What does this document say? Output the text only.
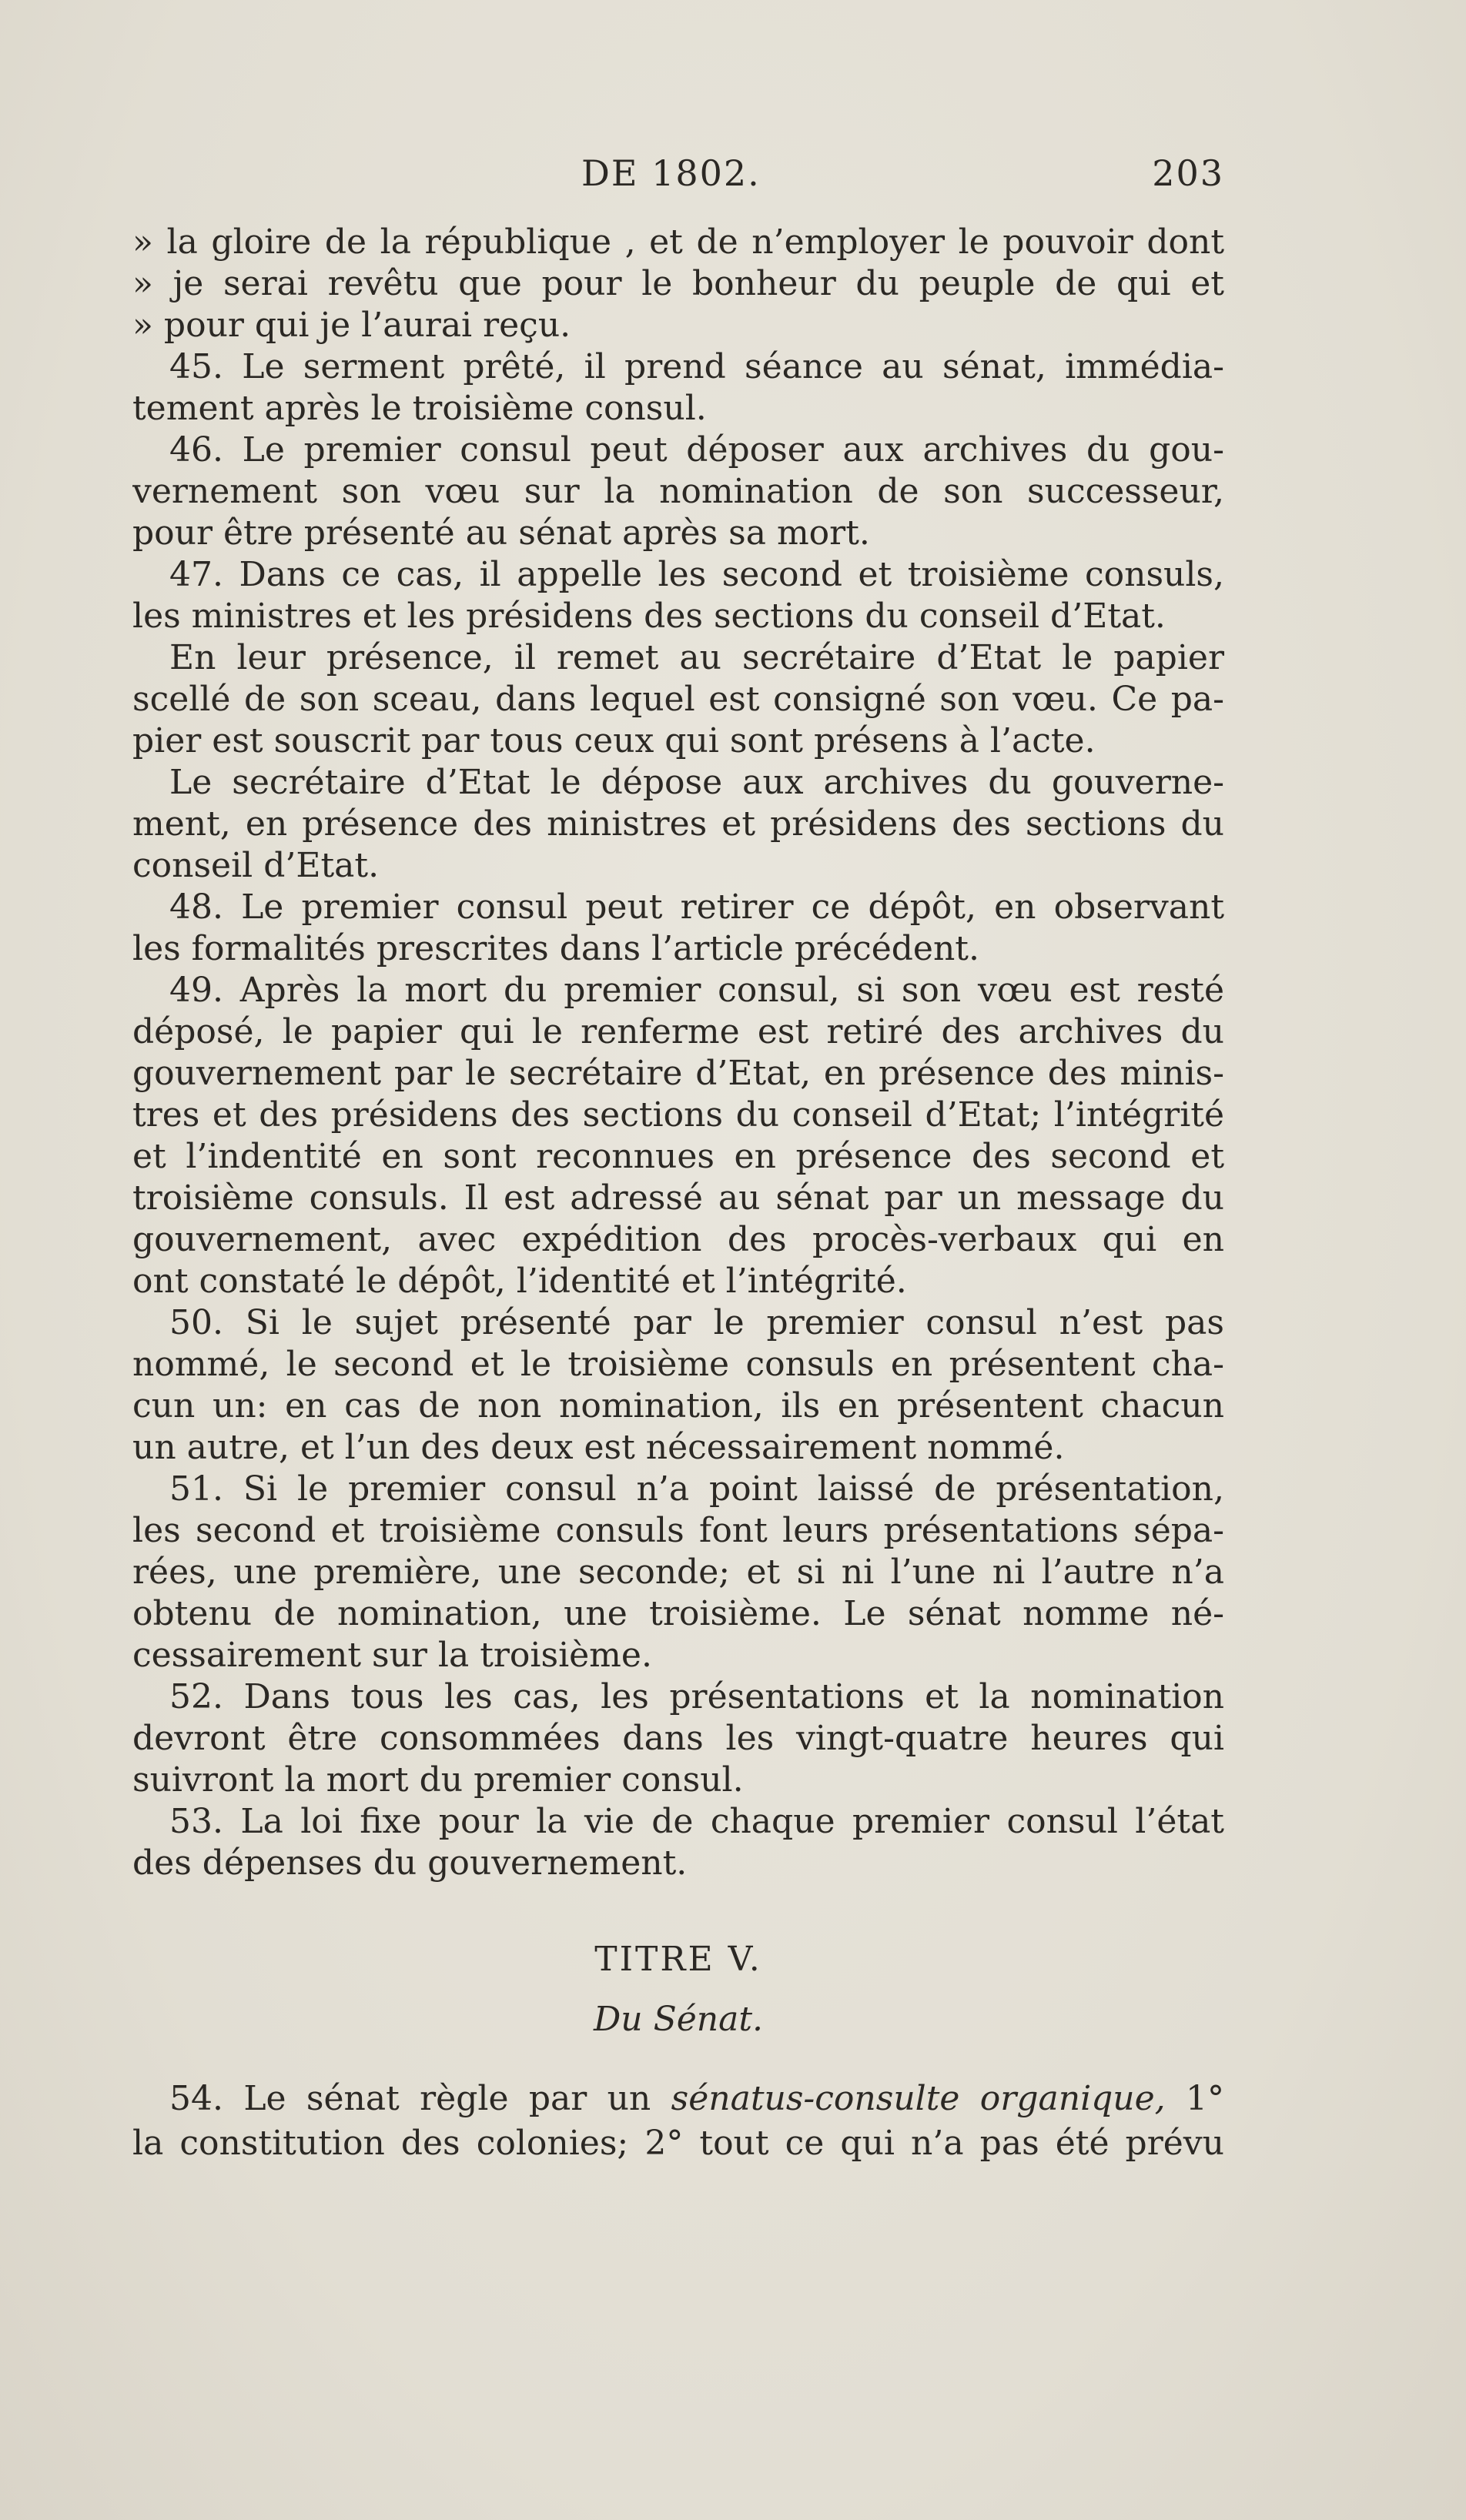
DE 1802.	203
» la gloire de la république , et de n’employer le pouvoir dont
» je serai revêtu que pour le bonheur du peuple de qui et
» pour qui je l’aurai reçu.
45. Le serment prêté, il prend séance au sénat, immédia-
tement après le troisième consul.
46. Le premier consul peut déposer aux archives du gou-
vernement son vœu sur la nomination de son successeur,
pour être présenté au sénat après sa mort.
47. Dans ce cas, il appelle les second et troisième consuls,
les ministres et les présidens des sections du conseil d’Etat.
En leur présence, il remet au secrétaire d’Etat le papier
scellé de son sceau, dans lequel est consigné son vœu. Ce pa-
pier est souscrit par tous ceux qui sont présens à l’acte.
Le secrétaire d’Etat le dépose aux archives du gouverne-
ment, en présence des ministres et présidens des sections du
conseil d’Etat.
48. Le premier consul peut retirer ce dépôt, en observant
les formalités prescrites dans l’article précédent.
49. Après la mort du premier consul, si son vœu est resté
déposé, le papier qui le renferme est retiré des archives du
gouvernement par le secrétaire d’Etat, en présence des minis-
tres et des présidens des sections du conseil d’Etat; l’intégrité
et l’indentité en sont reconnues en présence des second et
troisième consuls. Il est adressé au sénat par un message du
gouvernement, avec expédition des procès-verbaux qui en
ont constaté le dépôt, l’identité et l’intégrité.
50. Si le sujet présenté par le premier consul n’est pas
nommé, le second et le troisième consuls en présentent cha-
cun un: en cas de non nomination, ils en présentent chacun
un autre, et l’un des deux est nécessairement nommé.
51. Si le premier consul n’a point laissé de présentation,
les second et troisième consuls font leurs présentations sépa-
rées, une première, une seconde; et si ni l’une ni l’autre n’a
obtenu de nomination, une troisième. Le sénat nomme né-
cessairement sur la troisième.
52. Dans tous les cas, les présentations et la nomination
devront être consommées dans les vingt-quatre heures qui
suivront la mort du premier consul.
53. La loi fixe pour la vie de chaque premier consul l’état
des dépenses du gouvernement.
TITRE V.
Du Sénat.
54. Le sénat règle par un sénatus-consulte organique, 1°
la constitution des colonies; 2° tout ce qui n’a pas été prévu
